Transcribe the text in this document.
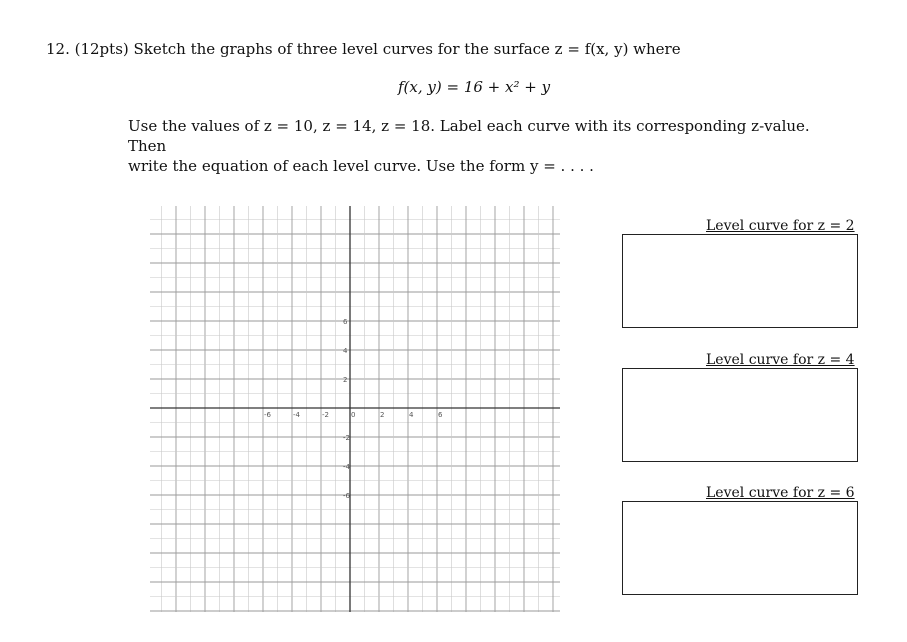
12. (12pts) Sketch the graphs of three level curves for the surface z = f(x, y) where
f(x, y) = 16 + x² + y
Use the values of z = 10, z = 14, z = 18. Label each curve with its corresponding z-value. Then
write the equation of each level curve. Use the form y = . . . .
-6	-4	-2	0	2	4	6
6
4
2
-2
-4
-6
Level curve for z = 2
Level curve for z = 4
Level curve for z = 6
